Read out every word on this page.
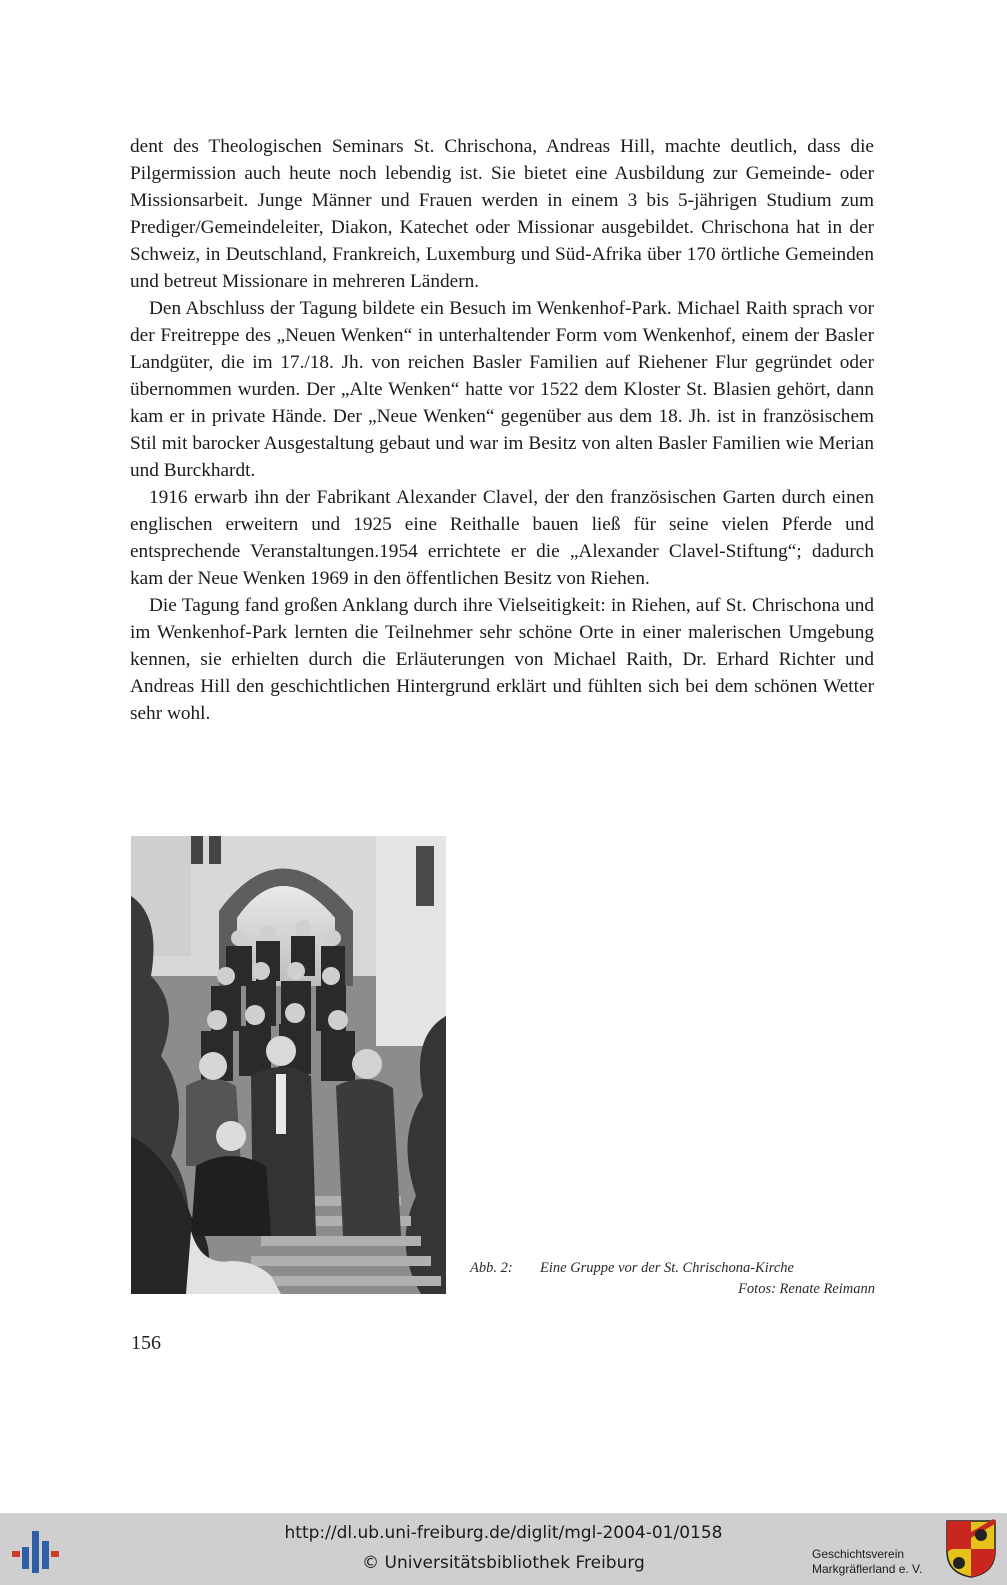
dent des Theologischen Seminars St. Chrischona, Andreas Hill, machte deutlich, dass die Pilgermission auch heute noch lebendig ist. Sie bietet eine Ausbildung zur Gemeinde- oder Missionsarbeit. Junge Männer und Frauen werden in einem 3 bis 5-jährigen Studium zum Prediger/Gemeindeleiter, Diakon, Katechet oder Missionar ausgebildet. Chrischona hat in der Schweiz, in Deutschland, Frankreich, Luxemburg und Süd-Afrika über 170 örtliche Gemeinden und betreut Missionare in mehreren Ländern.

Den Abschluss der Tagung bildete ein Besuch im Wenkenhof-Park. Michael Raith sprach vor der Freitreppe des „Neuen Wenken“ in unterhaltender Form vom Wenkenhof, einem der Basler Landgüter, die im 17./18. Jh. von reichen Basler Familien auf Riehener Flur gegründet oder übernommen wurden. Der „Alte Wenken“ hatte vor 1522 dem Kloster St. Blasien gehört, dann kam er in private Hände. Der „Neue Wenken“ gegenüber aus dem 18. Jh. ist in französischem Stil mit barocker Ausgestaltung gebaut und war im Besitz von alten Basler Familien wie Merian und Burckhardt.

1916 erwarb ihn der Fabrikant Alexander Clavel, der den französischen Garten durch einen englischen erweitern und 1925 eine Reithalle bauen ließ für seine vielen Pferde und entsprechende Veranstaltungen.1954 errichtete er die „Alexander Clavel-Stiftung“; dadurch kam der Neue Wenken 1969 in den öffentlichen Besitz von Riehen.

Die Tagung fand großen Anklang durch ihre Vielseitigkeit: in Riehen, auf St. Chrischona und im Wenkenhof-Park lernten die Teilnehmer sehr schöne Orte in einer malerischen Umgebung kennen, sie erhielten durch die Erläuterungen von Michael Raith, Dr. Erhard Richter und Andreas Hill den geschichtlichen Hintergrund erklärt und fühlten sich bei dem schönen Wetter sehr wohl.

Abb. 2: Eine Gruppe vor der St. Chrischona-Kirche
Fotos: Renate Reimann
156
http://dl.ub.uni-freiburg.de/diglit/mgl-2004-01/0158
© Universitätsbibliothek Freiburg	Geschichtsverein
Markgräflerland e. V.
